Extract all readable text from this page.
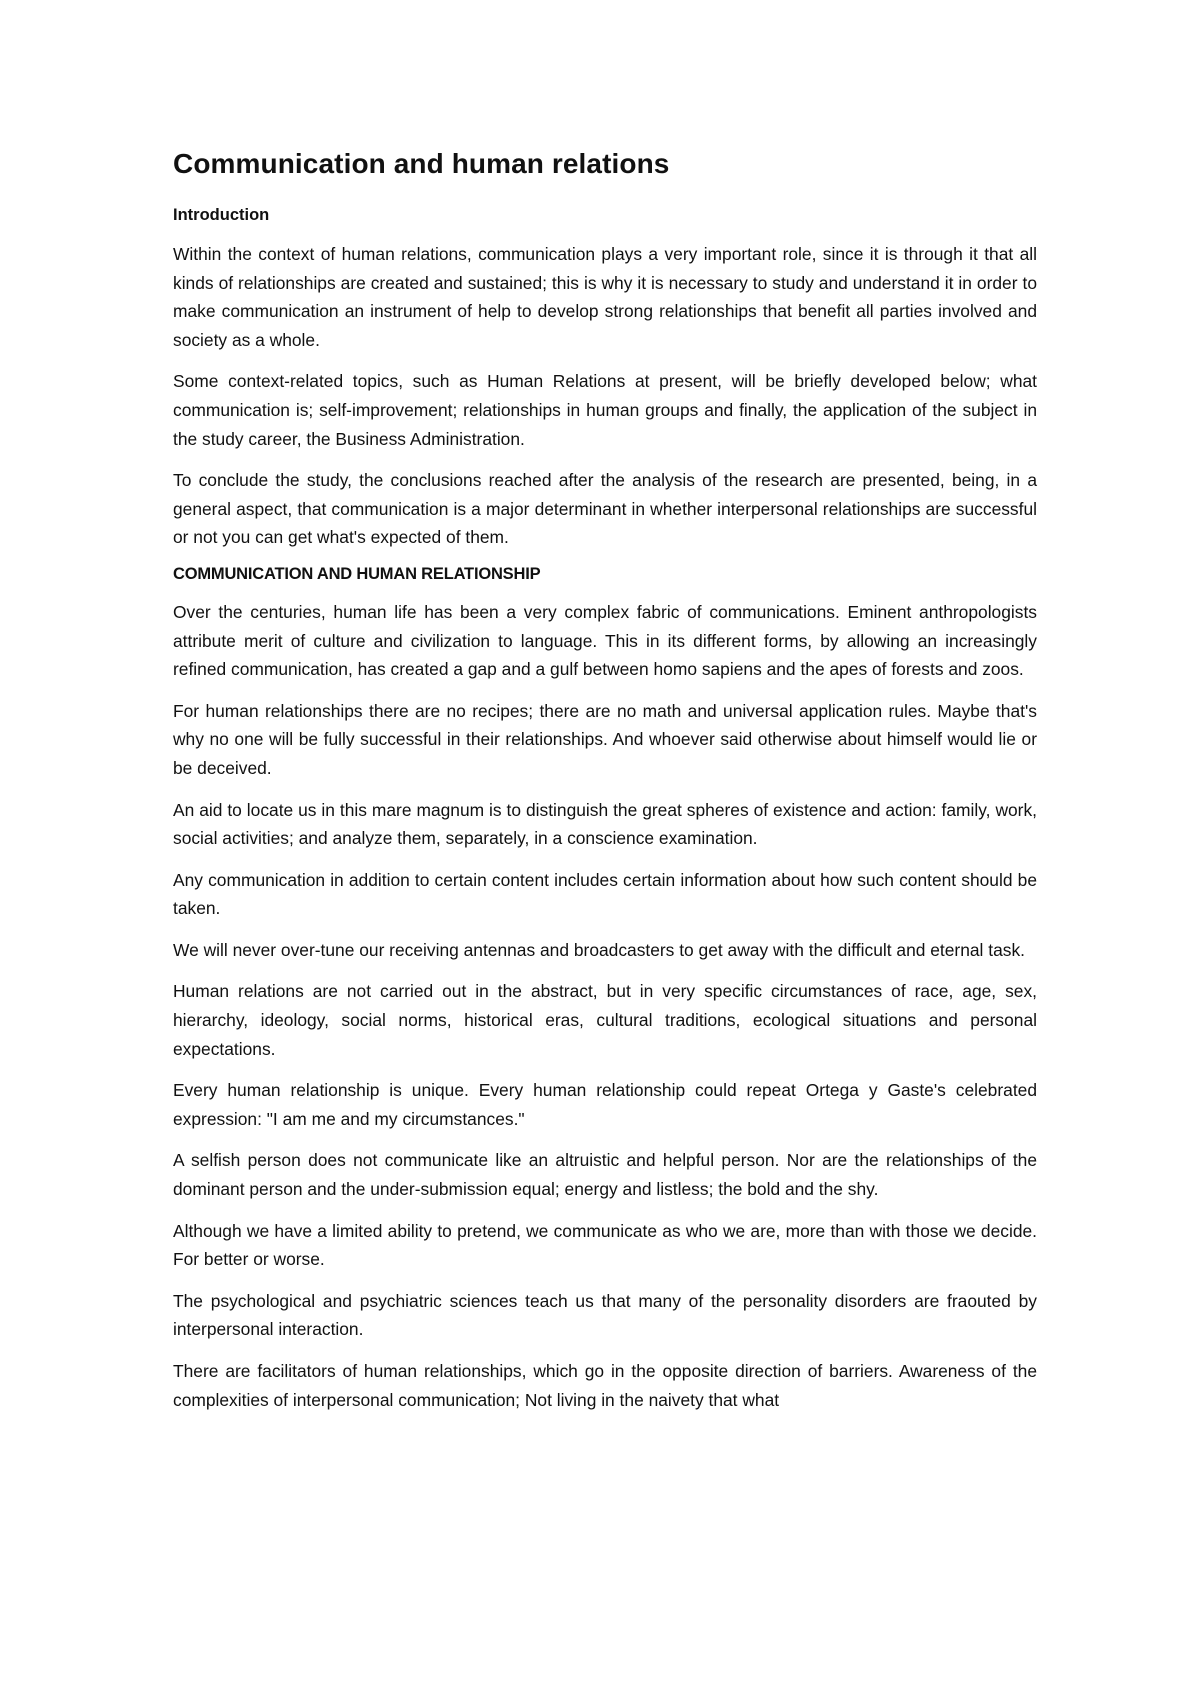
Communication and human relations
Introduction

Within the context of human relations, communication plays a very important role, since it is through it that all kinds of relationships are created and sustained; this is why it is necessary to study and understand it in order to make communication an instrument of help to develop strong relationships that benefit all parties involved and society as a whole.

Some context-related topics, such as Human Relations at present, will be briefly developed below; what communication is; self-improvement; relationships in human groups and finally, the application of the subject in the study career, the Business Administration.

To conclude the study, the conclusions reached after the analysis of the research are presented, being, in a general aspect, that communication is a major determinant in whether interpersonal relationships are successful or not you can get what's expected of them.

COMMUNICATION AND HUMAN RELATIONSHIP

Over the centuries, human life has been a very complex fabric of communications. Eminent anthropologists attribute merit of culture and civilization to language. This in its different forms, by allowing an increasingly refined communication, has created a gap and a gulf between homo sapiens and the apes of forests and zoos.

For human relationships there are no recipes; there are no math and universal application rules. Maybe that's why no one will be fully successful in their relationships. And whoever said otherwise about himself would lie or be deceived.

An aid to locate us in this mare magnum is to distinguish the great spheres of existence and action: family, work, social activities; and analyze them, separately, in a conscience examination.

Any communication in addition to certain content includes certain information about how such content should be taken.

We will never over-tune our receiving antennas and broadcasters to get away with the difficult and eternal task.

Human relations are not carried out in the abstract, but in very specific circumstances of race, age, sex, hierarchy, ideology, social norms, historical eras, cultural traditions, ecological situations and personal expectations.

Every human relationship is unique. Every human relationship could repeat Ortega y Gaste's celebrated expression: "I am me and my circumstances."

A selfish person does not communicate like an altruistic and helpful person. Nor are the relationships of the dominant person and the under-submission equal; energy and listless; the bold and the shy.

Although we have a limited ability to pretend, we communicate as who we are, more than with those we decide. For better or worse.

The psychological and psychiatric sciences teach us that many of the personality disorders are fraouted by interpersonal interaction.

There are facilitators of human relationships, which go in the opposite direction of barriers. Awareness of the complexities of interpersonal communication; Not living in the naivety that what
